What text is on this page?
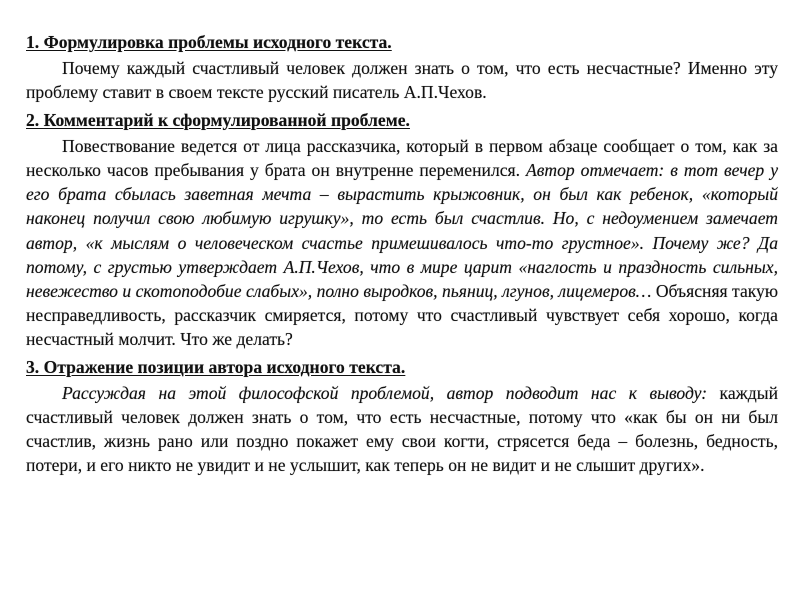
1. Формулировка проблемы исходного текста.

Почему каждый счастливый человек должен знать о том, что есть несчастные? Именно эту проблему ставит в своем тексте русский писатель А.П.Чехов.

2. Комментарий к сформулированной проблеме.

Повествование ведется от лица рассказчика, который в первом абзаце сообщает о том, как за несколько часов пребывания у брата он внутренне переменился. Автор отмечает: в тот вечер у его брата сбылась заветная мечта – вырастить крыжовник, он был как ребенок, «который наконец получил свою любимую игрушку», то есть был счастлив. Но, с недоумением замечает автор, «к мыслям о человеческом счастье примешивалось что-то грустное». Почему же? Да потому, с грустью утверждает А.П.Чехов, что в мире царит «наглость и праздность сильных, невежество и скотоподобие слабых», полно выродков, пьяниц, лгунов, лицемеров… Объясняя такую несправедливость, рассказчик смиряется, потому что счастливый чувствует себя хорошо, когда несчастный молчит. Что же делать?

3. Отражение позиции автора исходного текста.

Рассуждая на этой философской проблемой, автор подводит нас к выводу: каждый счастливый человек должен знать о том, что есть несчастные, потому что «как бы он ни был счастлив, жизнь рано или поздно покажет ему свои когти, стрясется беда – болезнь, бедность, потери, и его никто не увидит и не услышит, как теперь он не видит и не слышит других».
